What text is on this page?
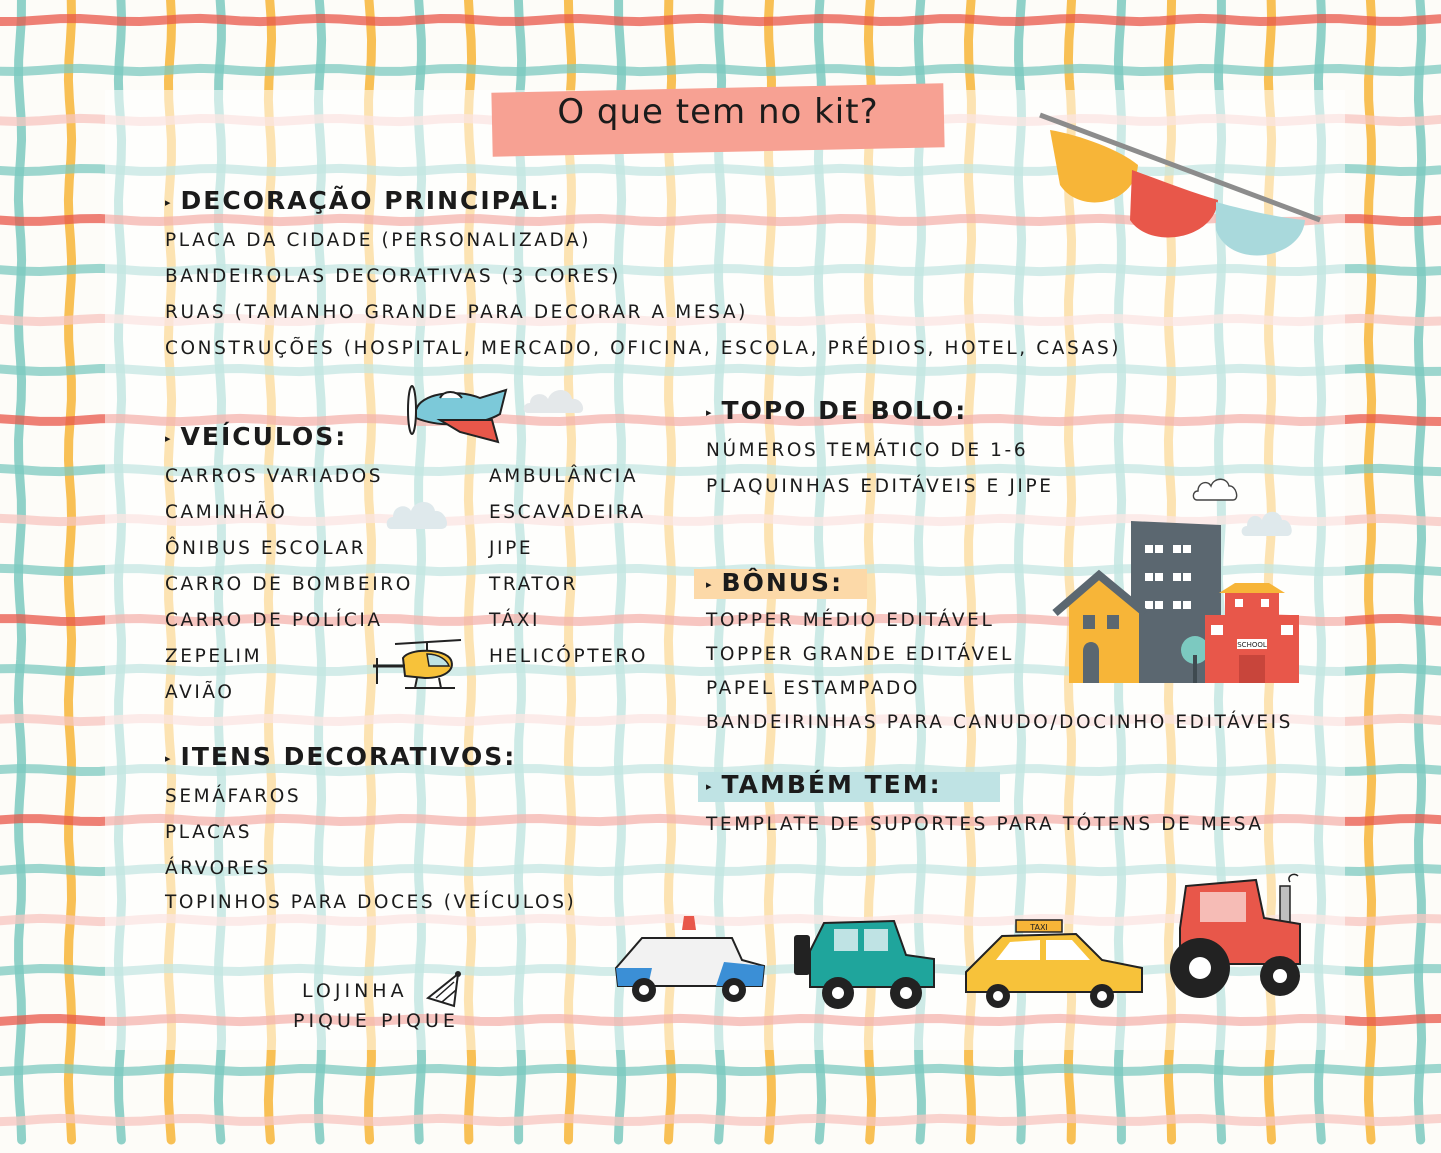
O que tem no kit?
▸ DECORAÇÃO PRINCIPAL:
PLACA DA CIDADE (PERSONALIZADA)
BANDEIROLAS DECORATIVAS (3 CORES)
RUAS (TAMANHO GRANDE PARA DECORAR A MESA)
CONSTRUÇÕES (HOSPITAL, MERCADO, OFICINA, ESCOLA, PRÉDIOS, HOTEL, CASAS)
▸ VEÍCULOS:
CARROS VARIADOS
CAMINHÃO
ÔNIBUS ESCOLAR
CARRO DE BOMBEIRO
CARRO DE POLÍCIA
ZEPELIM
AVIÃO
AMBULÂNCIA
ESCAVADEIRA
JIPE
TRATOR
TÁXI
HELICÓPTERO
▸ ITENS DECORATIVOS:
SEMÁFAROS
PLACAS
ÁRVORES
TOPINHOS PARA DOCES (VEÍCULOS)
▸ TOPO DE BOLO:
NÚMEROS TEMÁTICO DE 1-6
PLAQUINHAS EDITÁVEIS E JIPE
▸ BÔNUS:
TOPPER MÉDIO EDITÁVEL
TOPPER GRANDE EDITÁVEL
PAPEL ESTAMPADO
BANDEIRINHAS PARA CANUDO/DOCINHO EDITÁVEIS
▸ TAMBÉM TEM:
TEMPLATE DE SUPORTES PARA TÓTENS DE MESA
SCHOOL
TAXI
LOJINHA
PIQUE PIQUE
